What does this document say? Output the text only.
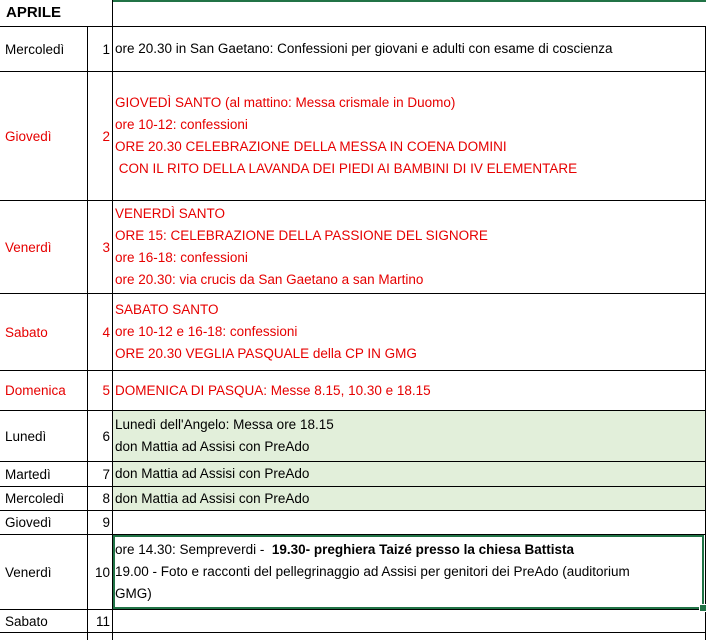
APRILE
Mercoledì	1 ore 20.30 in San Gaetano: Confessioni per giovani e adulti con esame di coscienza
Giovedì	2
GIOVEDÌ SANTO (al mattino: Messa crismale in Duomo)
ore 10-12: confessioni
ORE 20.30 CELEBRAZIONE DELLA MESSA IN COENA DOMINI
CON IL RITO DELLA LAVANDA DEI PIEDI AI BAMBINI DI IV ELEMENTARE
Venerdì	3
VENERDÌ SANTO
ORE 15: CELEBRAZIONE DELLA PASSIONE DEL SIGNORE
ore 16-18: confessioni
ore 20.30: via crucis da San Gaetano a san Martino
Sabato	4
SABATO SANTO
ore 10-12 e 16-18: confessioni
ORE 20.30 VEGLIA PASQUALE della CP IN GMG
Domenica	5 DOMENICA DI PASQUA: Messe 8.15, 10.30 e 18.15
Lunedì	6
Lunedì dell'Angelo: Messa ore 18.15
don Mattia ad Assisi con PreAdo
Martedì	7 don Mattia ad Assisi con PreAdo
Mercoledì	8 don Mattia ad Assisi con PreAdo
Giovedì	9
Venerdì	10
ore 14.30: Sempreverdi -  19.30- preghiera Taizé presso la chiesa Battista
19.00 - Foto e racconti del pellegrinaggio ad Assisi per genitori dei PreAdo (auditorium
GMG)
Sabato	11
